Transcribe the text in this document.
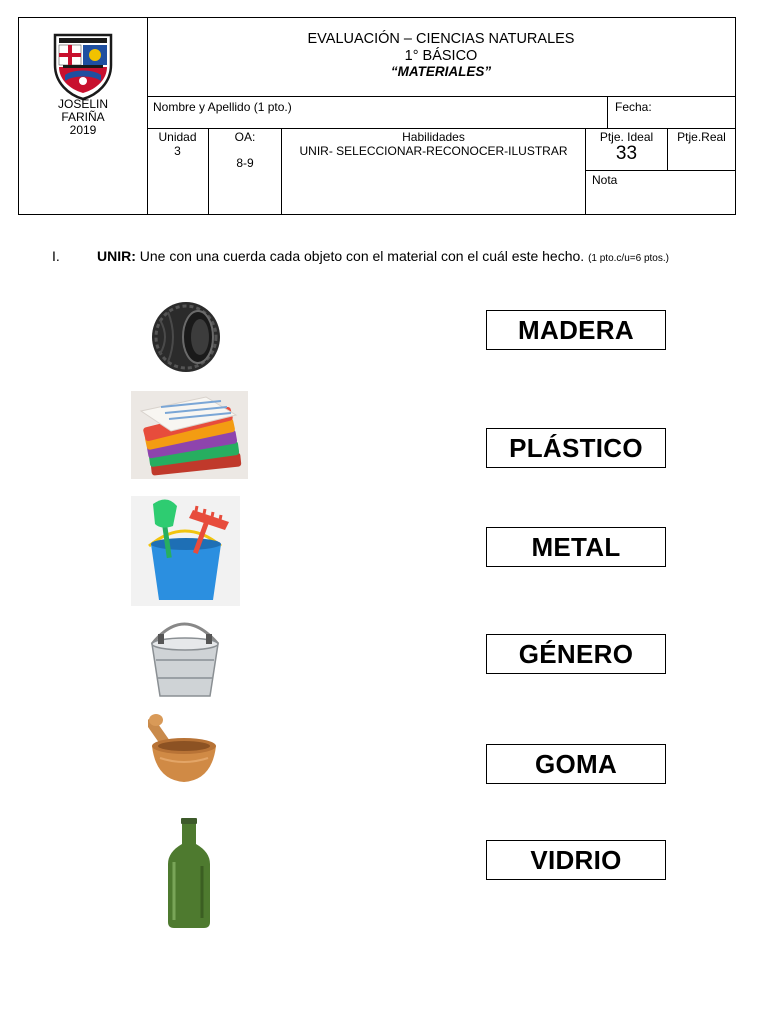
JOSELIN
FARIÑA
2019
EVALUACIÓN – CIENCIAS NATURALES
1° BÁSICO
“MATERIALES”
Nombre y Apellido (1 pto.)	Fecha:
Unidad
3
OA:
8-9
Habilidades
UNIR- SELECCIONAR-RECONOCER-ILUSTRAR
Ptje. Ideal
33
Ptje.Real
Nota
I.	UNIR: Une con una cuerda cada objeto con el material con el cuál este hecho. (1 pto.c/u=6 ptos.)
MADERA
PLÁSTICO
METAL
GÉNERO
GOMA
VIDRIO
